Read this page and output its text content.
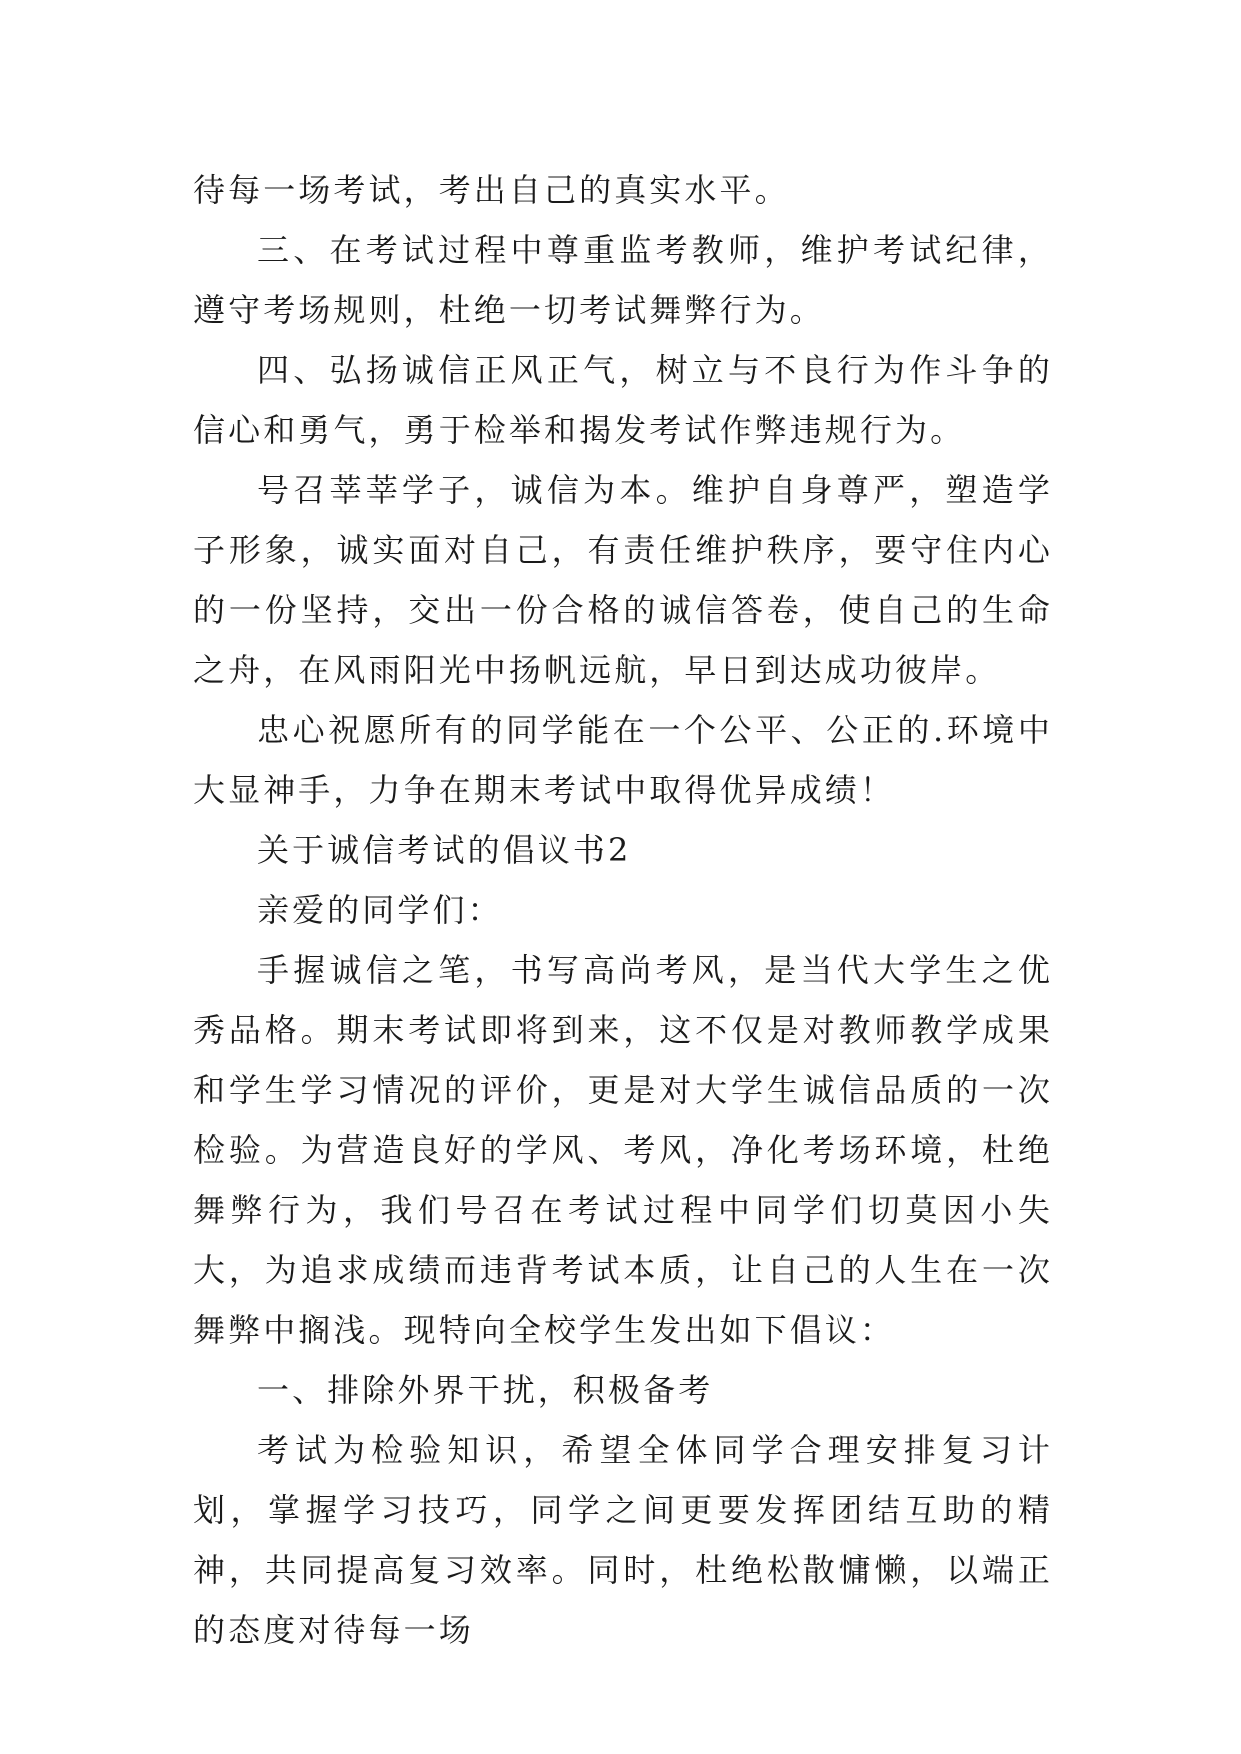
待每一场考试，考出自己的真实水平。

三、在考试过程中尊重监考教师，维护考试纪律，遵守考场规则，杜绝一切考试舞弊行为。

四、弘扬诚信正风正气，树立与不良行为作斗争的信心和勇气，勇于检举和揭发考试作弊违规行为。

号召莘莘学子，诚信为本。维护自身尊严，塑造学子形象，诚实面对自己，有责任维护秩序，要守住内心的一份坚持，交出一份合格的诚信答卷，使自己的生命之舟，在风雨阳光中扬帆远航，早日到达成功彼岸。

忠心祝愿所有的同学能在一个公平、公正的.环境中大显神手，力争在期末考试中取得优异成绩！

关于诚信考试的倡议书2

亲爱的同学们：

手握诚信之笔，书写高尚考风，是当代大学生之优秀品格。期末考试即将到来，这不仅是对教师教学成果和学生学习情况的评价，更是对大学生诚信品质的一次检验。为营造良好的学风、考风，净化考场环境，杜绝舞弊行为，我们号召在考试过程中同学们切莫因小失大，为追求成绩而违背考试本质，让自己的人生在一次舞弊中搁浅。现特向全校学生发出如下倡议：

一、排除外界干扰，积极备考

考试为检验知识，希望全体同学合理安排复习计划，掌握学习技巧，同学之间更要发挥团结互助的精神，共同提高复习效率。同时，杜绝松散慵懒，以端正的态度对待每一场
